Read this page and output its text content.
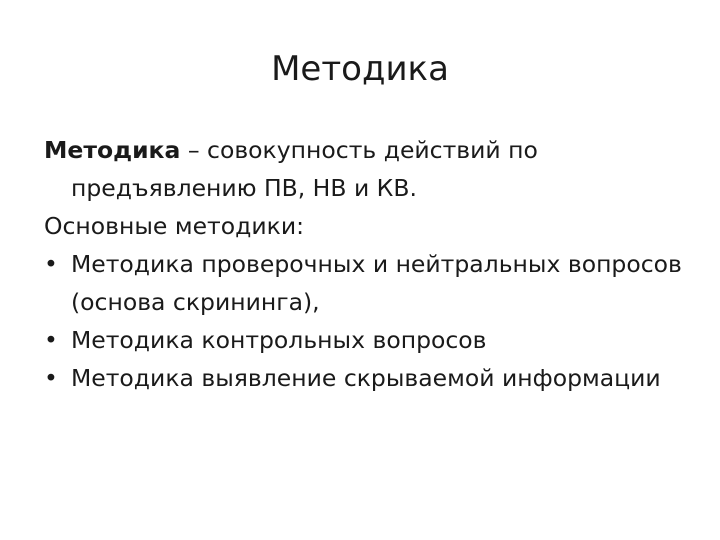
Методика

Методика – совокупность действий по предъявлению ПВ, НВ и КВ.

Основные методики:

• Методика проверочных и нейтральных вопросов (основа скрининга),
• Методика контрольных вопросов
• Методика выявление скрываемой информации
